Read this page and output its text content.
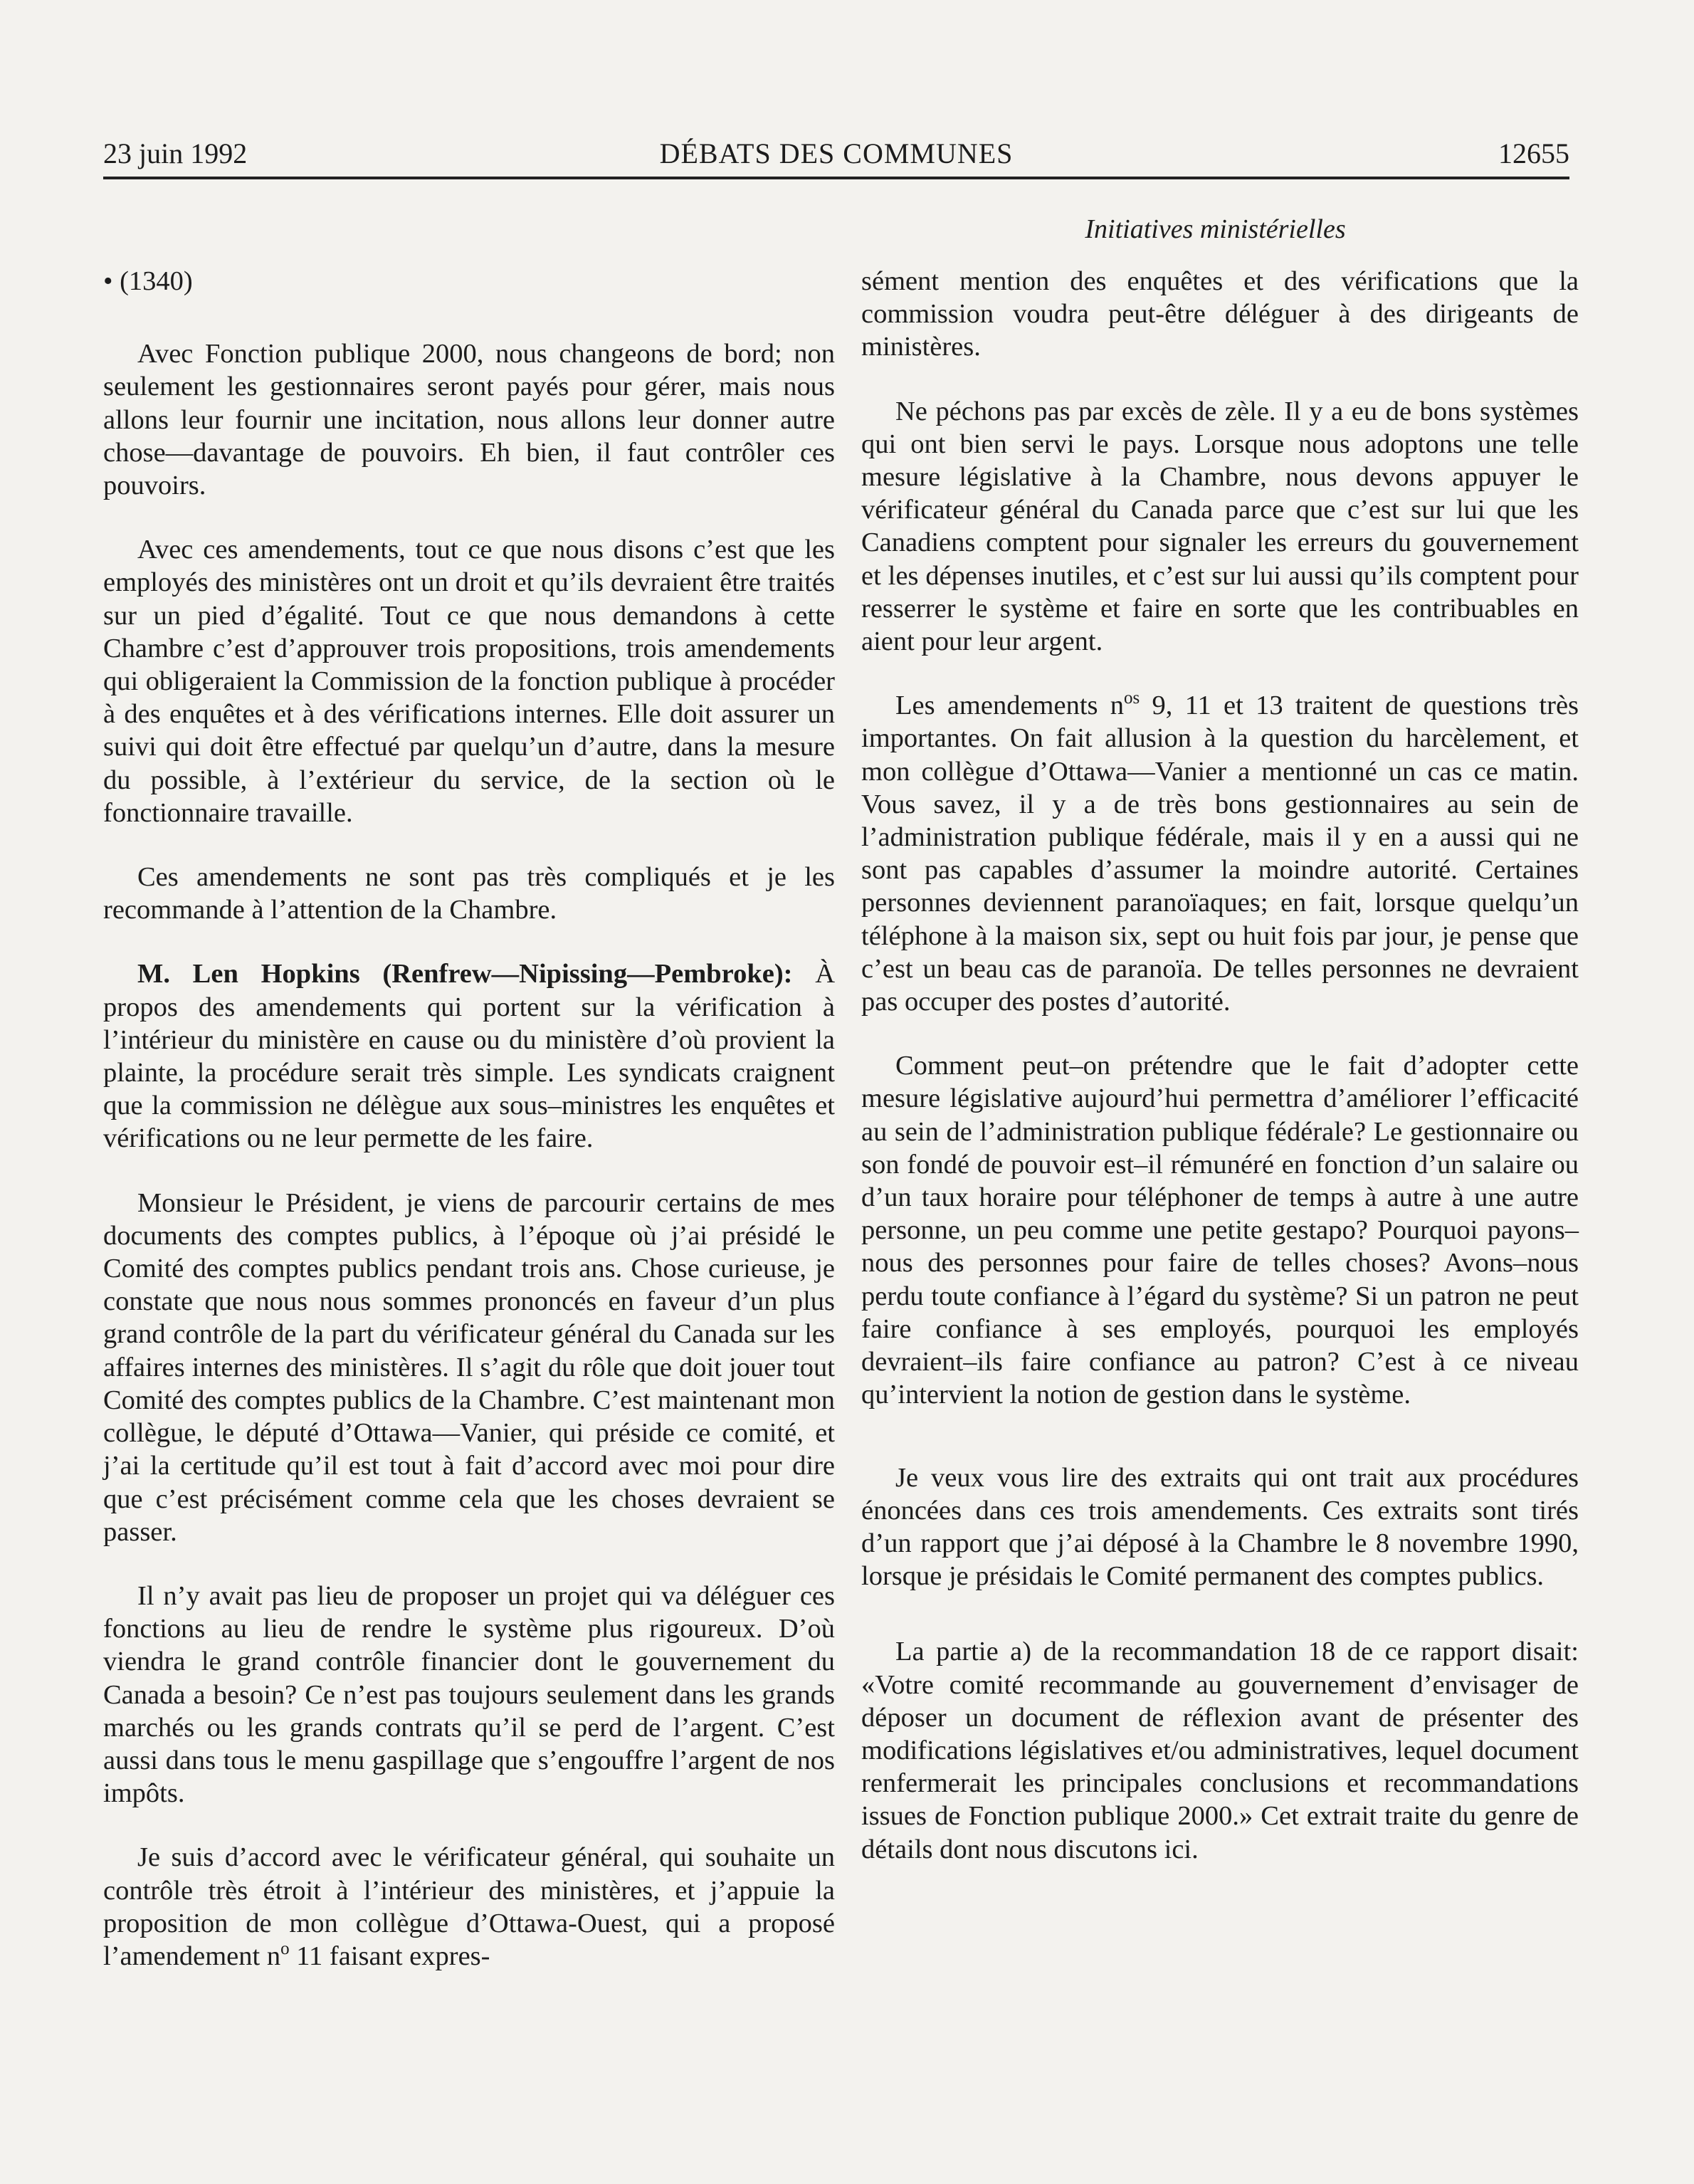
23 juin 1992	DÉBATS DES COMMUNES	12655
Initiatives ministérielles
• (1340)

Avec Fonction publique 2000, nous changeons de bord; non seulement les gestionnaires seront payés pour gérer, mais nous allons leur fournir une incitation, nous allons leur donner autre chose—davantage de pouvoirs. Eh bien, il faut contrôler ces pouvoirs.

Avec ces amendements, tout ce que nous disons c’est que les employés des ministères ont un droit et qu’ils devraient être traités sur un pied d’égalité. Tout ce que nous demandons à cette Chambre c’est d’approuver trois propositions, trois amendements qui obligeraient la Commission de la fonction publique à procéder à des enquêtes et à des vérifications internes. Elle doit assurer un suivi qui doit être effectué par quelqu’un d’autre, dans la mesure du possible, à l’extérieur du service, de la section où le fonctionnaire travaille.

Ces amendements ne sont pas très compliqués et je les recommande à l’attention de la Chambre.

M. Len Hopkins (Renfrew—Nipissing—Pembroke): À propos des amendements qui portent sur la vérification à l’intérieur du ministère en cause ou du ministère d’où provient la plainte, la procédure serait très simple. Les syndicats craignent que la commission ne délègue aux sous–ministres les enquêtes et vérifications ou ne leur permette de les faire.

Monsieur le Président, je viens de parcourir certains de mes documents des comptes publics, à l’époque où j’ai présidé le Comité des comptes publics pendant trois ans. Chose curieuse, je constate que nous nous sommes prononcés en faveur d’un plus grand contrôle de la part du vérificateur général du Canada sur les affaires internes des ministères. Il s’agit du rôle que doit jouer tout Comité des comptes publics de la Chambre. C’est maintenant mon collègue, le député d’Ottawa—Vanier, qui préside ce comité, et j’ai la certitude qu’il est tout à fait d’accord avec moi pour dire que c’est précisément comme cela que les choses devraient se passer.

Il n’y avait pas lieu de proposer un projet qui va déléguer ces fonctions au lieu de rendre le système plus rigoureux. D’où viendra le grand contrôle financier dont le gouvernement du Canada a besoin? Ce n’est pas toujours seulement dans les grands marchés ou les grands contrats qu’il se perd de l’argent. C’est aussi dans tous le menu gaspillage que s’engouffre l’argent de nos impôts.

Je suis d’accord avec le vérificateur général, qui souhaite un contrôle très étroit à l’intérieur des ministères, et j’appuie la proposition de mon collègue d’Ottawa-Ouest, qui a proposé l’amendement $n^o$ 11 faisant expres-

sément mention des enquêtes et des vérifications que la commission voudra peut-être déléguer à des dirigeants de ministères.

Ne péchons pas par excès de zèle. Il y a eu de bons systèmes qui ont bien servi le pays. Lorsque nous adoptons une telle mesure législative à la Chambre, nous devons appuyer le vérificateur général du Canada parce que c’est sur lui que les Canadiens comptent pour signaler les erreurs du gouvernement et les dépenses inutiles, et c’est sur lui aussi qu’ils comptent pour resserrer le système et faire en sorte que les contribuables en aient pour leur argent.

Les amendements $n^{os}$ 9, 11 et 13 traitent de questions très importantes. On fait allusion à la question du harcèlement, et mon collègue d’Ottawa—Vanier a mentionné un cas ce matin. Vous savez, il y a de très bons gestionnaires au sein de l’administration publique fédérale, mais il y en a aussi qui ne sont pas capables d’assumer la moindre autorité. Certaines personnes deviennent paranoïaques; en fait, lorsque quelqu’un téléphone à la maison six, sept ou huit fois par jour, je pense que c’est un beau cas de paranoïa. De telles personnes ne devraient pas occuper des postes d’autorité.

Comment peut–on prétendre que le fait d’adopter cette mesure législative aujourd’hui permettra d’améliorer l’efficacité au sein de l’administration publique fédérale? Le gestionnaire ou son fondé de pouvoir est–il rémunéré en fonction d’un salaire ou d’un taux horaire pour téléphoner de temps à autre à une autre personne, un peu comme une petite gestapo? Pourquoi payons–nous des personnes pour faire de telles choses? Avons–nous perdu toute confiance à l’égard du système? Si un patron ne peut faire confiance à ses employés, pourquoi les employés devraient–ils faire confiance au patron? C’est à ce niveau qu’intervient la notion de gestion dans le système.

Je veux vous lire des extraits qui ont trait aux procédures énoncées dans ces trois amendements. Ces extraits sont tirés d’un rapport que j’ai déposé à la Chambre le 8 novembre 1990, lorsque je présidais le Comité permanent des comptes publics.

La partie a) de la recommandation 18 de ce rapport disait: «Votre comité recommande au gouvernement d’envisager de déposer un document de réflexion avant de présenter des modifications législatives et/ou administratives, lequel document renfermerait les principales conclusions et recommandations issues de Fonction publique 2000.» Cet extrait traite du genre de détails dont nous discutons ici.
